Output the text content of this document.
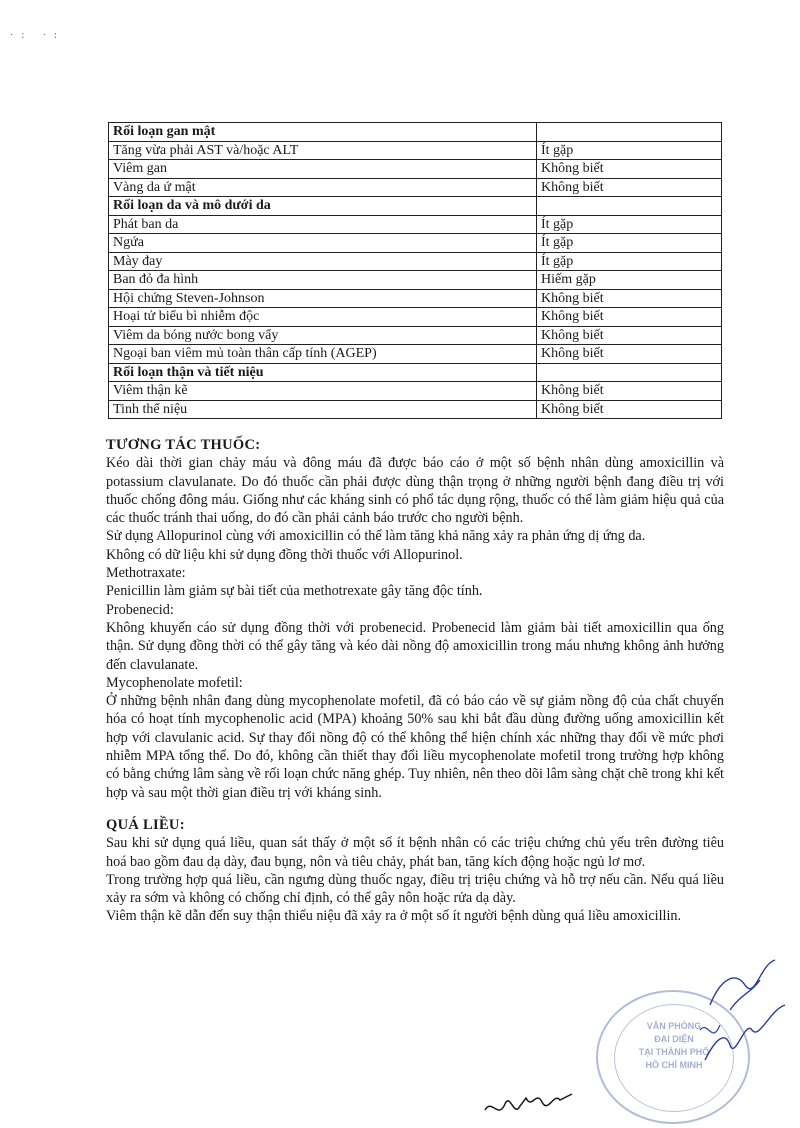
·: ·:
Rối loạn gan mật	
Tăng vừa phải AST và/hoặc ALT	Ít gặp
Viêm gan	Không biết
Vàng da ứ mật	Không biết
Rối loạn da và mô dưới da	
Phát ban da	Ít gặp
Ngứa	Ít gặp
Mày đay	Ít gặp
Ban đỏ đa hình	Hiếm gặp
Hội chứng Steven-Johnson	Không biết
Hoại tử biểu bì nhiễm độc	Không biết
Viêm da bóng nước bong vẩy	Không biết
Ngoại ban viêm mủ toàn thân cấp tính (AGEP)	Không biết
Rối loạn thận và tiết niệu	
Viêm thận kẽ	Không biết
Tinh thể niệu	Không biết
TƯƠNG TÁC THUỐC:

Kéo dài thời gian chảy máu và đông máu đã được báo cáo ở một số bệnh nhân dùng amoxicillin và potassium clavulanate. Do đó thuốc cần phải được dùng thận trọng ở những người bệnh đang điều trị với thuốc chống đông máu. Giống như các kháng sinh có phổ tác dụng rộng, thuốc có thể làm giảm hiệu quả của các thuốc tránh thai uống, do đó cần phải cảnh báo trước cho người bệnh.

Sử dụng Allopurinol cùng với amoxicillin có thể làm tăng khả năng xảy ra phản ứng dị ứng da.

Không có dữ liệu khi sử dụng đồng thời thuốc với Allopurinol.

Methotraxate:

Penicillin làm giảm sự bài tiết của methotrexate gây tăng độc tính.

Probenecid:

Không khuyến cáo sử dụng đồng thời với probenecid. Probenecid làm giảm bài tiết amoxicillin qua ống thận. Sử dụng đồng thời có thể gây tăng và kéo dài nồng độ amoxicillin trong máu nhưng không ảnh hưởng đến clavulanate.

Mycophenolate mofetil:

Ở những bệnh nhân đang dùng mycophenolate mofetil, đã có báo cáo về sự giảm nồng độ của chất chuyển hóa có hoạt tính mycophenolic acid (MPA) khoảng 50% sau khi bắt đầu dùng đường uống amoxicillin kết hợp với clavulanic acid. Sự thay đổi nồng độ có thể không thể hiện chính xác những thay đổi về mức phơi nhiễm MPA tổng thể. Do đó, không cần thiết thay đổi liều mycophenolate mofetil trong trường hợp không có bằng chứng lâm sàng về rối loạn chức năng ghép. Tuy nhiên, nên theo dõi lâm sàng chặt chẽ trong khi kết hợp và sau một thời gian điều trị với kháng sinh.

QUÁ LIỀU:

Sau khi sử dụng quá liều, quan sát thấy ở một số ít bệnh nhân có các triệu chứng chủ yếu trên đường tiêu hoá bao gồm đau dạ dày, đau bụng, nôn và tiêu chảy, phát ban, tăng kích động hoặc ngủ lơ mơ.

Trong trường hợp quá liều, cần ngưng dùng thuốc ngay, điều trị triệu chứng và hỗ trợ nếu cần. Nếu quá liều xảy ra sớm và không có chống chỉ định, có thể gây nôn hoặc rửa dạ dày.

Viêm thận kẽ dẫn đến suy thận thiểu niệu đã xảy ra ở một số ít người bệnh dùng quá liều amoxicillin.

VĂN PHÒNG
ĐẠI DIỆN
TẠI THÀNH PHỐ
HỒ CHÍ MINH
